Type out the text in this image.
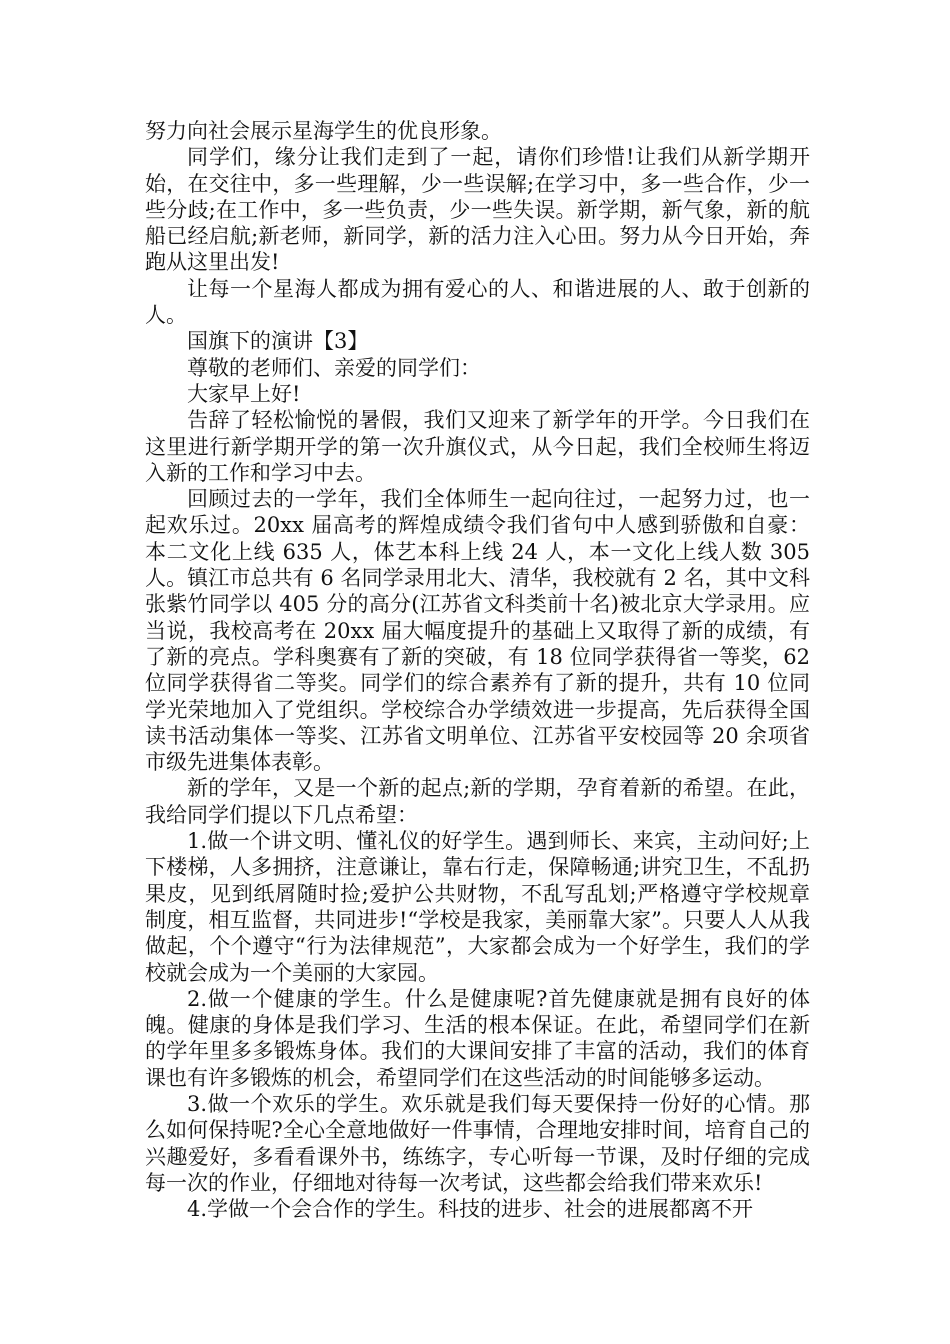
努力向社会展示星海学生的优良形象。

同学们，缘分让我们走到了一起，请你们珍惜!让我们从新学期开始，在交往中，多一些理解，少一些误解;在学习中，多一些合作，少一些分歧;在工作中，多一些负责，少一些失误。新学期，新气象，新的航船已经启航;新老师，新同学，新的活力注入心田。努力从今日开始，奔跑从这里出发!

让每一个星海人都成为拥有爱心的人、和谐进展的人、敢于创新的人。

国旗下的演讲【3】

尊敬的老师们、亲爱的同学们：

大家早上好!

告辞了轻松愉悦的暑假，我们又迎来了新学年的开学。今日我们在这里进行新学期开学的第一次升旗仪式，从今日起，我们全校师生将迈入新的工作和学习中去。

回顾过去的一学年，我们全体师生一起向往过，一起努力过，也一起欢乐过。20xx 届高考的辉煌成绩令我们省句中人感到骄傲和自豪：本二文化上线 635 人，体艺本科上线 24 人，本一文化上线人数 305 人。镇江市总共有 6 名同学录用北大、清华，我校就有 2 名，其中文科张紫竹同学以 405 分的高分(江苏省文科类前十名)被北京大学录用。应当说，我校高考在 20xx 届大幅度提升的基础上又取得了新的成绩，有了新的亮点。学科奥赛有了新的突破，有 18 位同学获得省一等奖，62 位同学获得省二等奖。同学们的综合素养有了新的提升，共有 10 位同学光荣地加入了党组织。学校综合办学绩效进一步提高，先后获得全国读书活动集体一等奖、江苏省文明单位、江苏省平安校园等 20 余项省市级先进集体表彰。

新的学年，又是一个新的起点;新的学期，孕育着新的希望。在此，我给同学们提以下几点希望：

1.做一个讲文明、懂礼仪的好学生。遇到师长、来宾，主动问好;上下楼梯，人多拥挤，注意谦让，靠右行走，保障畅通;讲究卫生，不乱扔果皮，见到纸屑随时捡;爱护公共财物，不乱写乱划;严格遵守学校规章制度，相互监督，共同进步!“学校是我家，美丽靠大家”。只要人人从我做起，个个遵守“行为法律规范”，大家都会成为一个好学生，我们的学校就会成为一个美丽的大家园。

2.做一个健康的学生。什么是健康呢?首先健康就是拥有良好的体魄。健康的身体是我们学习、生活的根本保证。在此，希望同学们在新的学年里多多锻炼身体。我们的大课间安排了丰富的活动，我们的体育课也有许多锻炼的机会，希望同学们在这些活动的时间能够多运动。

3.做一个欢乐的学生。欢乐就是我们每天要保持一份好的心情。那么如何保持呢?全心全意地做好一件事情，合理地安排时间，培育自己的兴趣爱好，多看看课外书，练练字，专心听每一节课，及时仔细的完成每一次的作业，仔细地对待每一次考试，这些都会给我们带来欢乐!

4.学做一个会合作的学生。科技的进步、社会的进展都离不开
